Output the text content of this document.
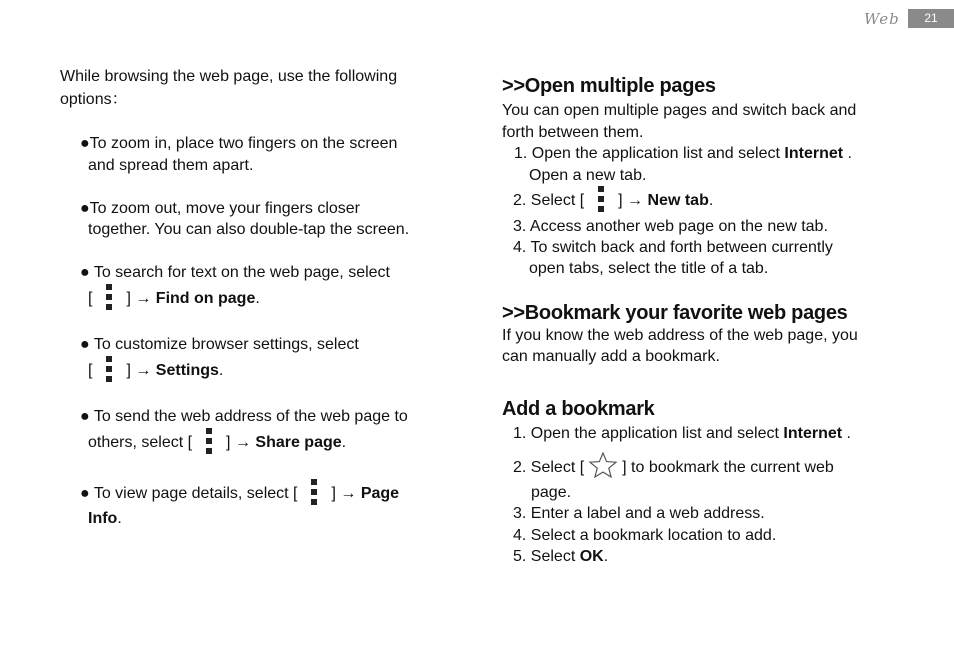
Web	21
While browsing the web page, use the following
options：
●To zoom in, place two fingers on the screen
and spread them apart.
●To zoom out, move your fingers closer
together. You can also double-tap the screen.
● To search for text on the web page, select
[ ] → Find on page.
● To customize browser settings, select
[ ] → Settings.
● To send the web address of the web page to
others, select [ ] → Share page.
● To view page details, select [ ] → Page
Info.
>>Open multiple pages
You can open multiple pages and switch back and
forth between them.
1. Open the application list and select Internet .
Open a new tab.
2. Select [ ] → New tab.
3. Access another web page on the new tab.
4. To switch back and forth between currently
open tabs, select the title of a tab.
>>Bookmark your favorite web pages
If you know the web address of the web page, you
can manually add a bookmark.
Add a bookmark
1. Open the application list and select Internet .
2. Select [ ] to bookmark the current web
page.
3. Enter a label and a web address.
4. Select a bookmark location to add.
5. Select OK.
